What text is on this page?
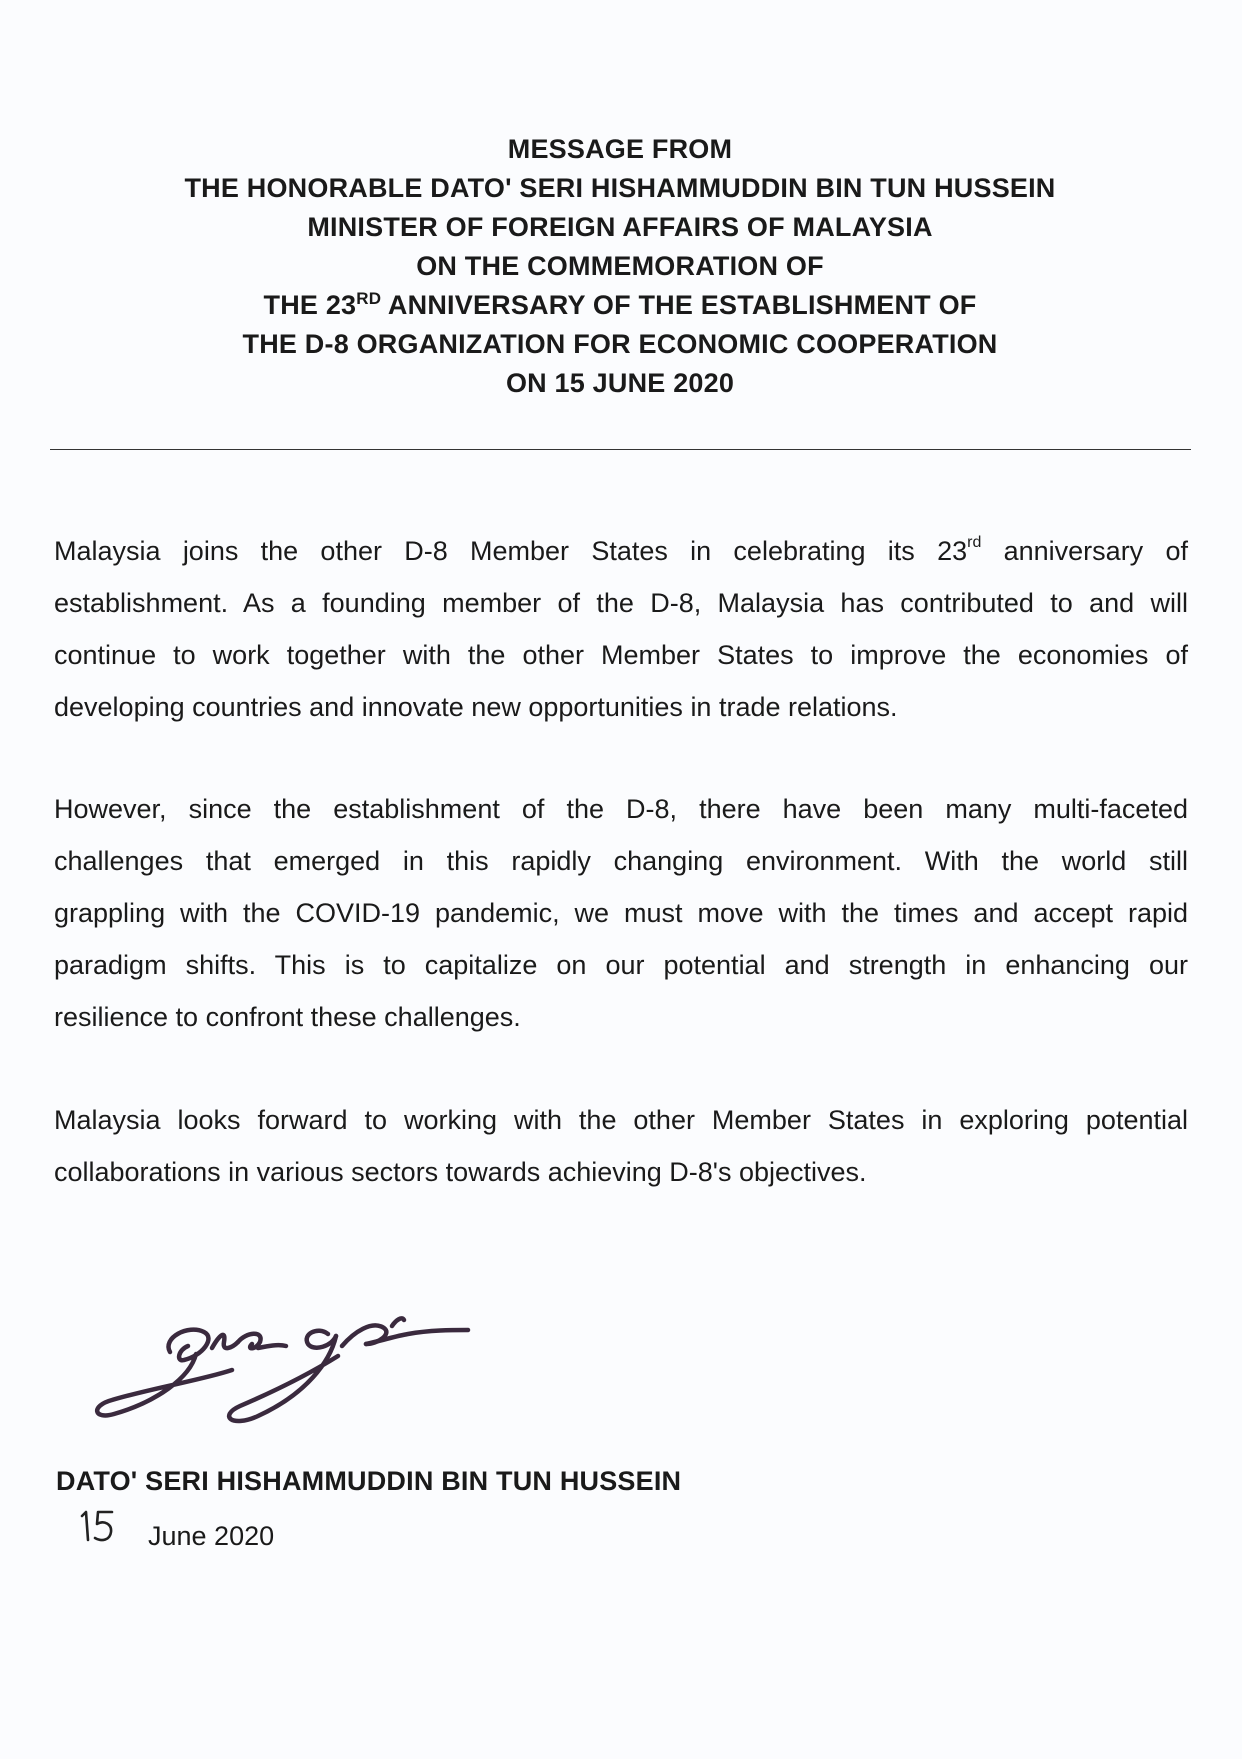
MESSAGE FROM
THE HONORABLE DATO' SERI HISHAMMUDDIN BIN TUN HUSSEIN
MINISTER OF FOREIGN AFFAIRS OF MALAYSIA
ON THE COMMEMORATION OF
THE 23RD ANNIVERSARY OF THE ESTABLISHMENT OF
THE D-8 ORGANIZATION FOR ECONOMIC COOPERATION
ON 15 JUNE 2020
Malaysia joins the other D-8 Member States in celebrating its 23rd anniversary of
establishment. As a founding member of the D-8, Malaysia has contributed to and will
continue to work together with the other Member States to improve the economies of
developing countries and innovate new opportunities in trade relations.
However, since the establishment of the D-8, there have been many multi-faceted
challenges that emerged in this rapidly changing environment. With the world still
grappling with the COVID-19 pandemic, we must move with the times and accept rapid
paradigm shifts. This is to capitalize on our potential and strength in enhancing our
resilience to confront these challenges.
Malaysia looks forward to working with the other Member States in exploring potential
collaborations in various sectors towards achieving D-8's objectives.
DATO' SERI HISHAMMUDDIN BIN TUN HUSSEIN
June 2020
